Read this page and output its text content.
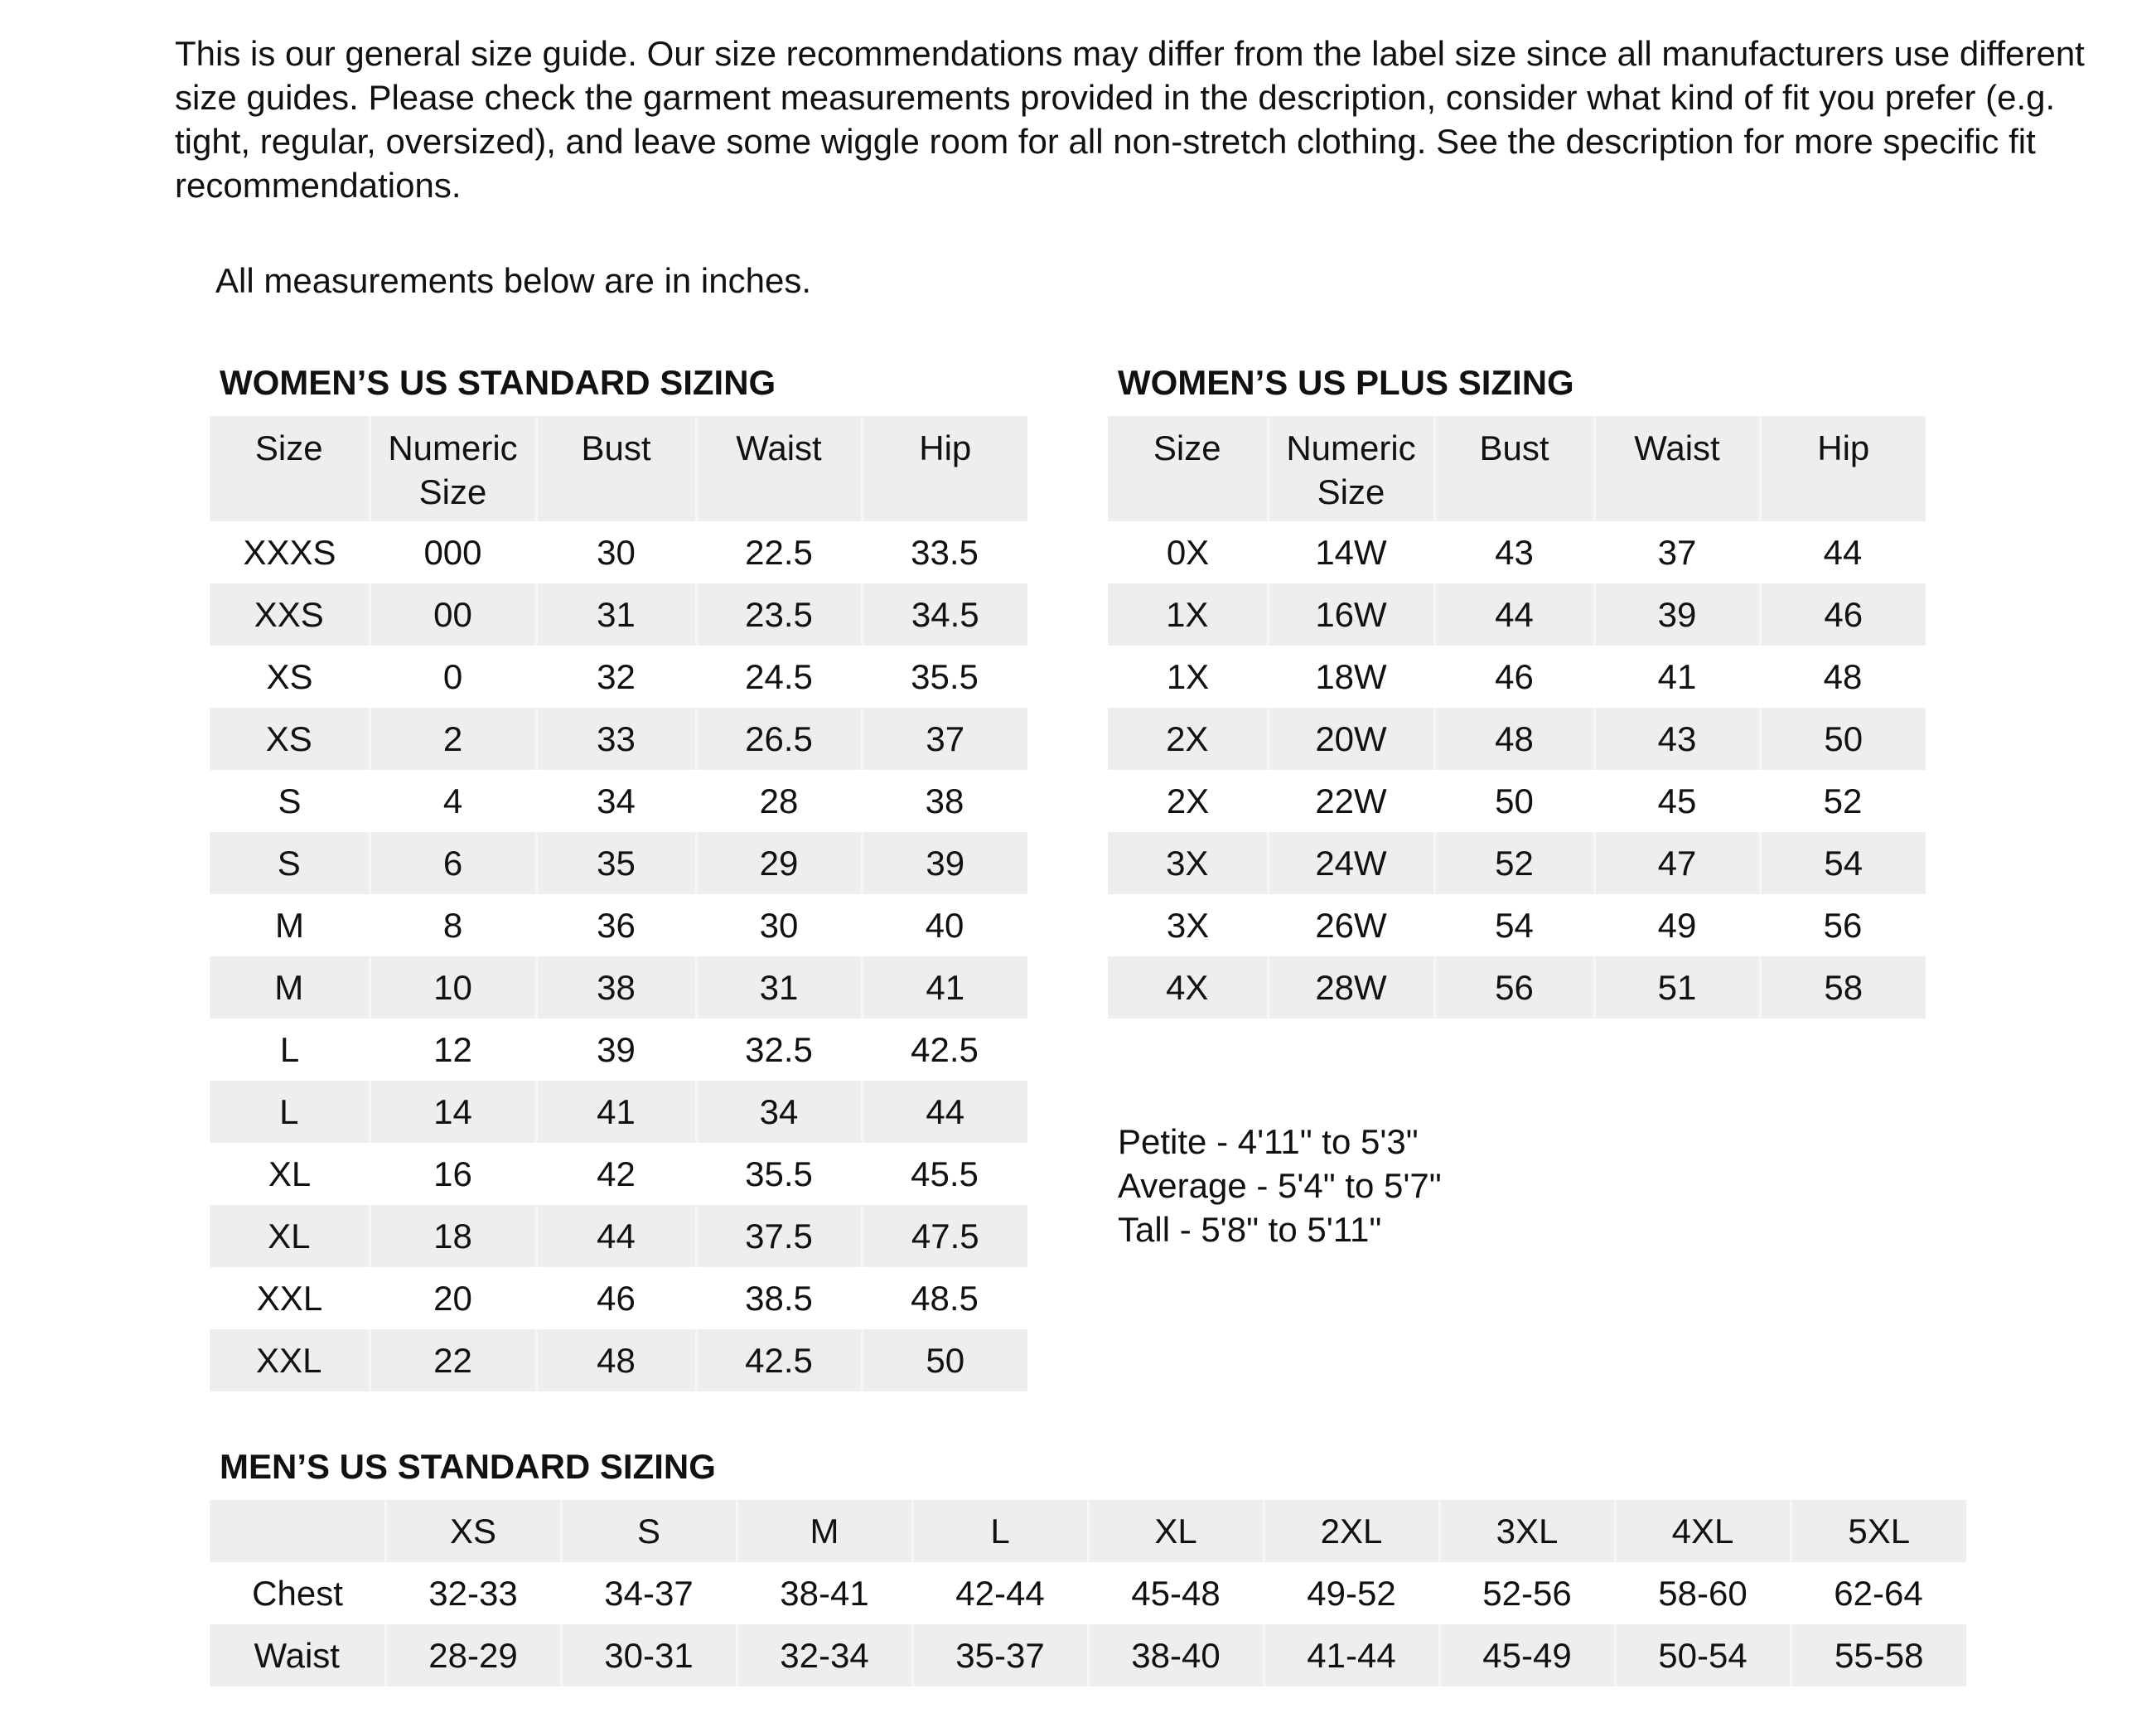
This is our general size guide. Our size recommendations may differ from the label size since all manufacturers use different size guides. Please check the garment measurements provided in the description, consider what kind of fit you prefer (e.g. tight, regular, oversized), and leave some wiggle room for all non-stretch clothing. See the description for more specific fit recommendations.

All measurements below are in inches.

WOMEN’S US STANDARD SIZING
Size	Numeric Size	Bust	Waist	Hip
XXXS	000	30	22.5	33.5
XXS	00	31	23.5	34.5
XS	0	32	24.5	35.5
XS	2	33	26.5	37
S	4	34	28	38
S	6	35	29	39
M	8	36	30	40
M	10	38	31	41
L	12	39	32.5	42.5
L	14	41	34	44
XL	16	42	35.5	45.5
XL	18	44	37.5	47.5
XXL	20	46	38.5	48.5
XXL	22	48	42.5	50
WOMEN’S US PLUS SIZING
Size	Numeric Size	Bust	Waist	Hip
0X	14W	43	37	44
1X	16W	44	39	46
1X	18W	46	41	48
2X	20W	48	43	50
2X	22W	50	45	52
3X	24W	52	47	54
3X	26W	54	49	56
4X	28W	56	51	58
Petite - 4'11" to 5'3"
Average - 5'4" to 5'7"
Tall - 5'8" to 5'11"
MEN’S US STANDARD SIZING
	XS	S	M	L	XL	2XL	3XL	4XL	5XL
Chest	32-33	34-37	38-41	42-44	45-48	49-52	52-56	58-60	62-64
Waist	28-29	30-31	32-34	35-37	38-40	41-44	45-49	50-54	55-58
